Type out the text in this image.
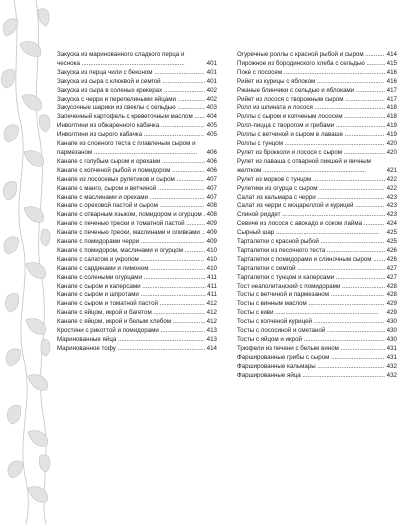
Закуска из маринованного сладкого перца и чеснока ............................................................	401
Закуска из перца чили с беконом ............................. 401
Закуска из сыра с клюквой и семгой ......................... 401
Закуска из сыра в соленых крекерах ........................ 402
Закуска с черри и перепелиными яйцами ................ 402
Закусочные шарики из свеклы с сельдью ................ 403
Запеченный картофель с креветочным маслом ...... 404
Инволтини из обжаренного кабачка ......................... 405
Инволтини из сырого кабачка ................................... 405
Канапе из слоеного теста с плавленым сыром и пармезаном ............................................................	406
Канапе с голубым сыром и орехами ......................... 406
Канапе с копченой рыбой и помидором ................... 406
Канапе из лососевых рулетиков и сыром ................ 407
Канапе с манго, сыром и ветчиной ........................... 407
Канапе с маслинами и орехами ................................ 407
Канапе с ореховой пастой и сыром .......................... 408
Канапе с отварным языком, помидором и огурцом . 408
Канапе с печенью трески и томатной пастой ........... 409
Канапе с печенью трески, маслинами и оливками .. 409
Канапе с помидорами черри ..................................... 409
Канапе с помидором, маслинами и огурцом ............ 410
Канапе с салатом и укропом ..................................... 410
Канапе с сардинами и лимоном ................................ 410
Канапе с солеными огурцами .................................... 411
Канапе с сыром и каперсами ..................................... 411
Канапе с сыром и шпротами ...................................... 411
Канапе с сыром и томатной пастой .......................... 412
Канапе с яйцом, икрой и багетом .............................. 412
Канапе с яйцом, икрой и белым хлебом ................... 412
Кростини с рикоттой и помидорами .......................... 413
Маринованные яйца .................................................. 413
Маринованное тофу ................................................... 414
Огуречные роллы с красной рыбой и сыром ........... 414
Пирожное из бородинского хлеба с сельдью ........... 415
Покé с лососем ........................................................... 416
Рийет из курицы с яблоком ....................................... 416
Ржаные блинчики с сельдью и яблоками ................. 417
Рийет из лосося с творожным сыром ....................... 417
Ролл из шпината и лосося ......................................... 418
Роллы с сыром и копченым лососем ........................ 418
Ролл-пицца с творогом и грибами ............................. 419
Роллы с ветчиной и сыром в лаваше ....................... 419
Роллы с тунцом .......................................................... 420
Рулет из брокколи и лосося с сыром ........................ 420
Рулет из лаваша с отварной пикшей и яичным желтком ............................................................	421
Рулет из морков с тунцом .......................................... 422
Рулетики из огурца с сыром ...................................... 422
Салат из кальмара с черри ....................................... 423
Салат из черри с моцареллой и курицей ................. 423
Спиной риддет ............................................................ 423
Севиче из лосося с авокадо и соком лайма ............ 424
Сырный шар ............................................................	425
Тарталетки с красной рыбой ..................................... 425
Тарталетки из песочного теста .................................. 426
Тарталетки с помидорами и слиночным сыром ....... 426
Тарталетки с семгой ................................................... 427
Тарталетки с тунцом и каперсами ............................. 427
Тост неаполитанский с помидорами ......................... 428
Тосты с ветчиной и пармезаном ............................... 428
Тосты с винным маслом ............................................ 429
Тосты с киви ............................................................	429
Тосты с копченой курицей ......................................... 430
Тосты с лососиной и сметаной .................................. 430
Тосты с яйцом и икрой ............................................... 430
Трюфели из печени с белым вином .......................... 431
Фаршированные грибы с сыром ............................... 431
Фаршированные кальмары ....................................... 432
Фаршированные яйца ................................................ 432
